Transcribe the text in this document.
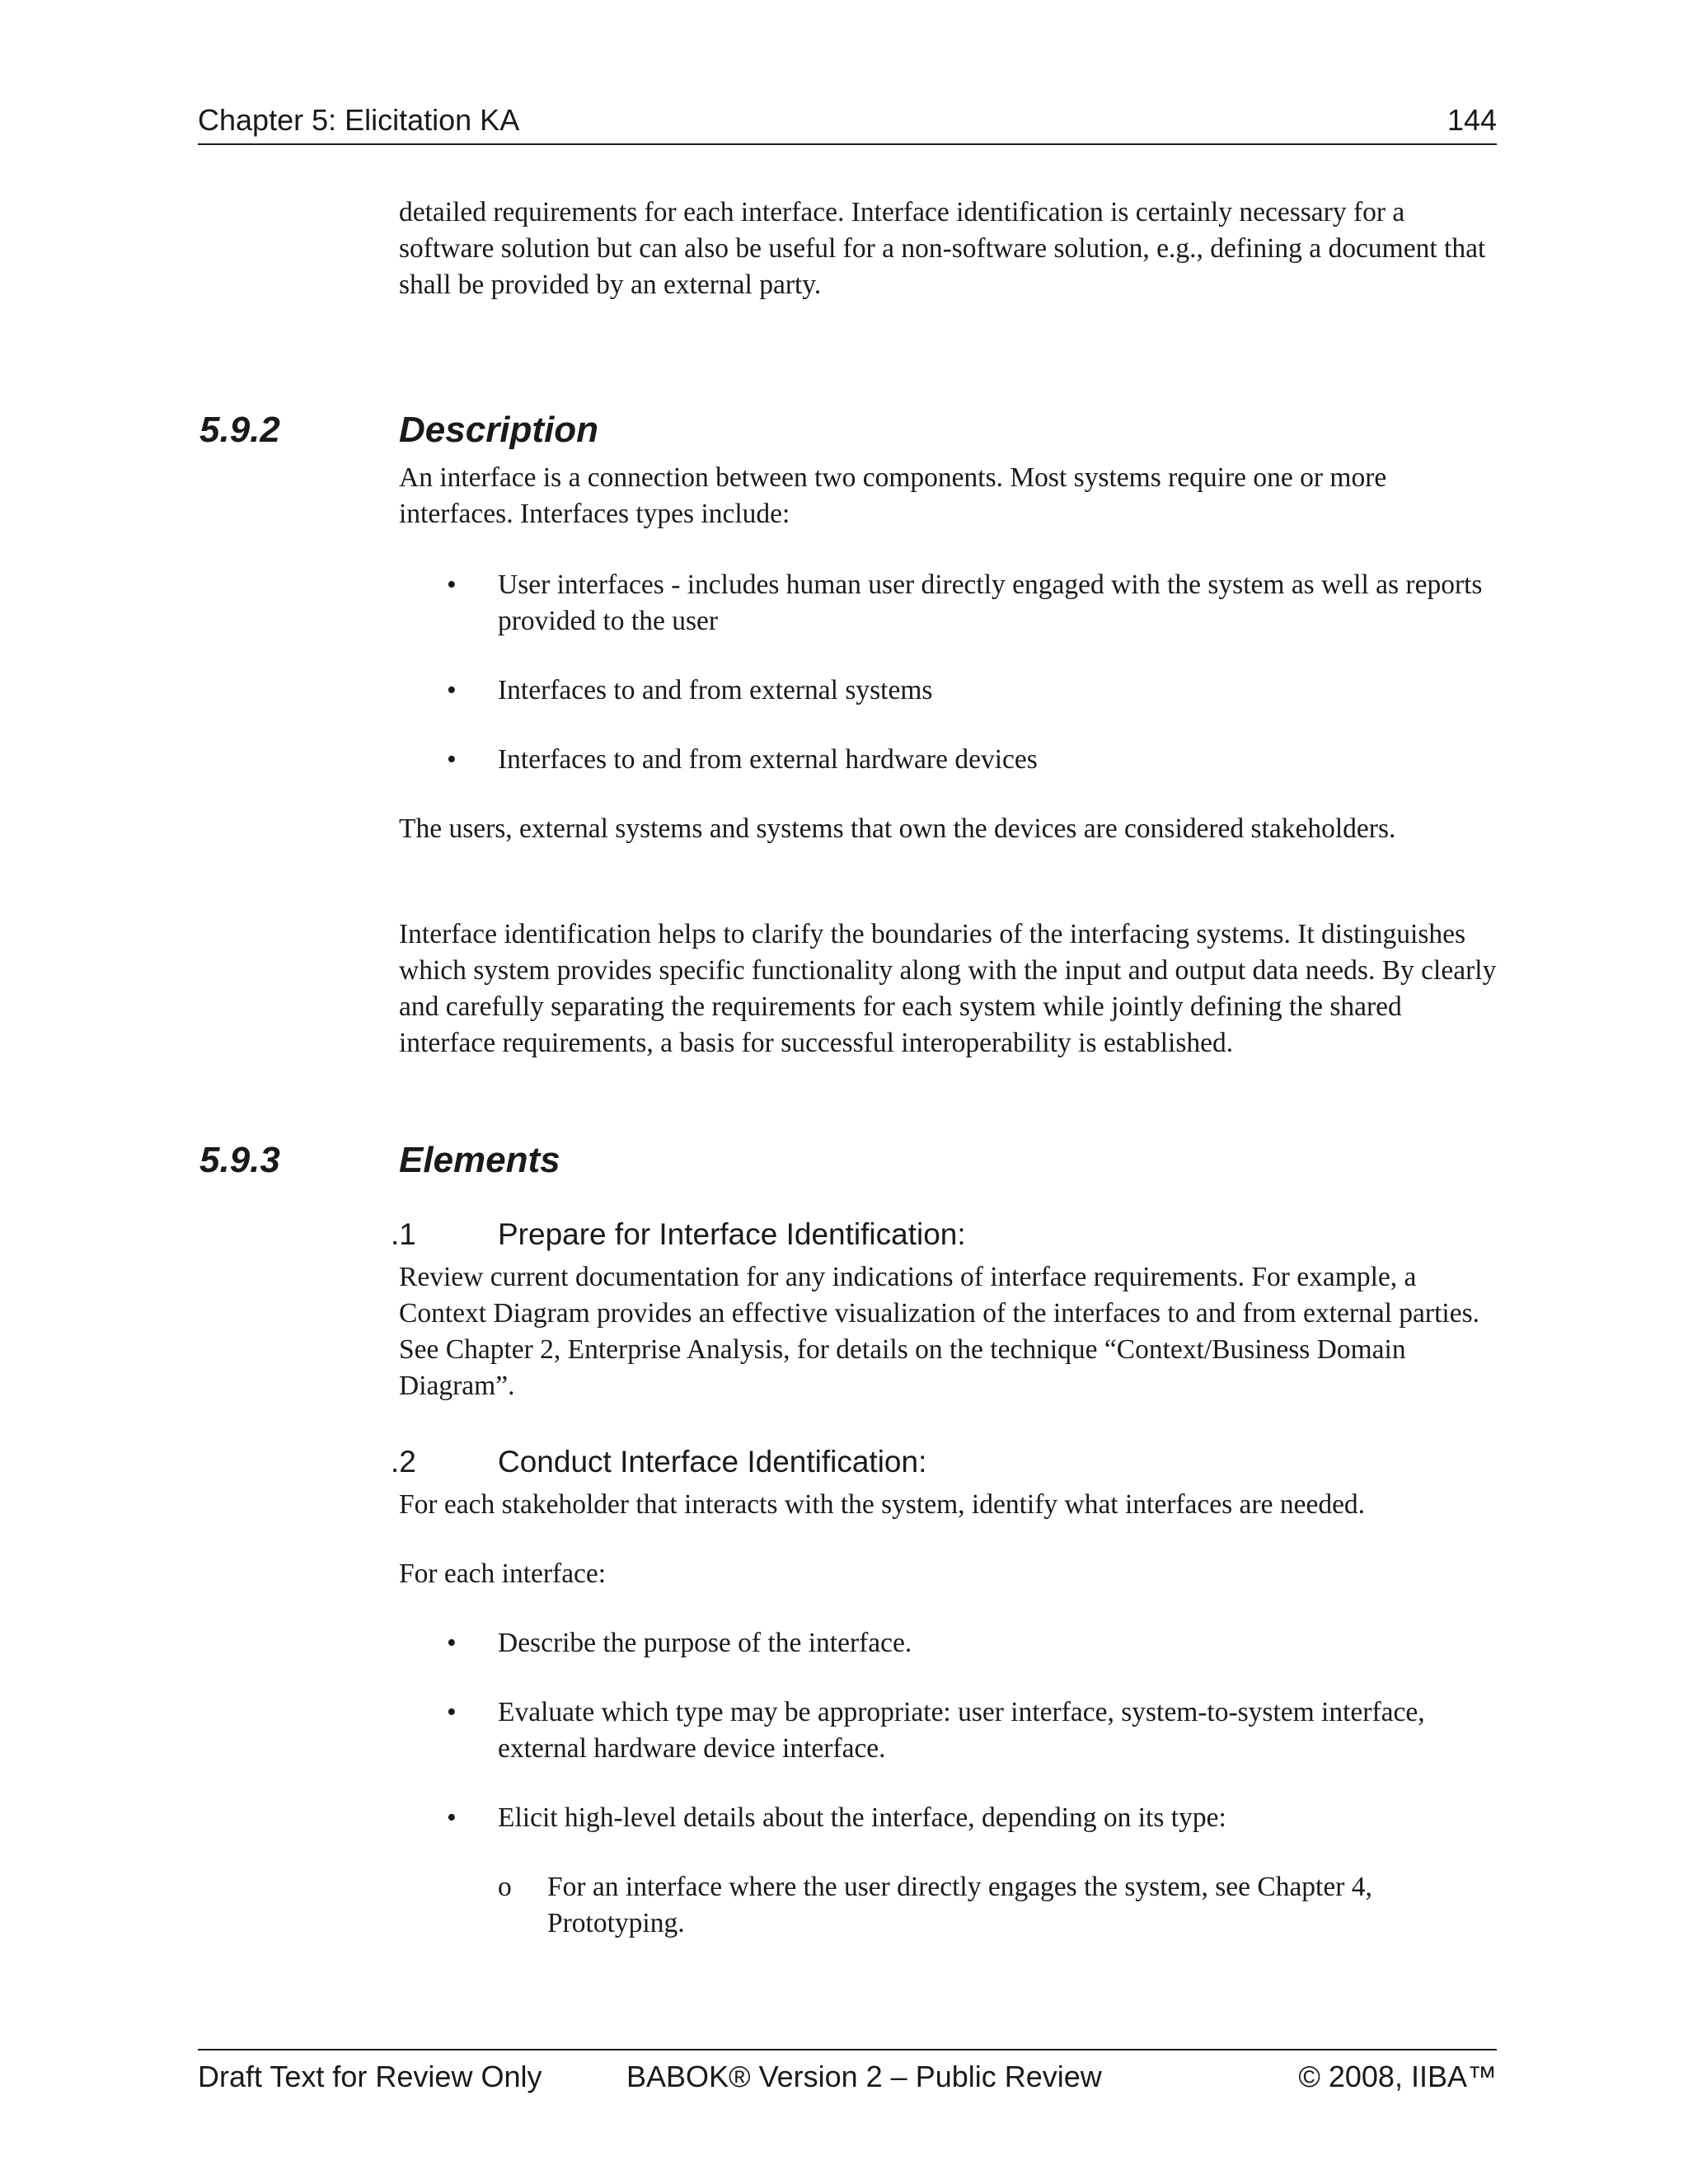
Chapter 5: Elicitation KA	144

detailed requirements for each interface. Interface identification is certainly necessary for a software solution but can also be useful for a non-software solution, e.g., defining a document that shall be provided by an external party.

5.9.2	Description

An interface is a connection between two components. Most systems require one or more interfaces. Interfaces types include:

• User interfaces - includes human user directly engaged with the system as well as reports provided to the user

• Interfaces to and from external systems

• Interfaces to and from external hardware devices

The users, external systems and systems that own the devices are considered stakeholders.

Interface identification helps to clarify the boundaries of the interfacing systems. It distinguishes which system provides specific functionality along with the input and output data needs. By clearly and carefully separating the requirements for each system while jointly defining the shared interface requirements, a basis for successful interoperability is established.

5.9.3	Elements
.1	Prepare for Interface Identification:

Review current documentation for any indications of interface requirements. For example, a Context Diagram provides an effective visualization of the interfaces to and from external parties. See Chapter 2, Enterprise Analysis, for details on the technique “Context/Business Domain Diagram”.

.2	Conduct Interface Identification:

For each stakeholder that interacts with the system, identify what interfaces are needed.

For each interface:

• Describe the purpose of the interface.

• Evaluate which type may be appropriate: user interface, system-to-system interface, external hardware device interface.

• Elicit high-level details about the interface, depending on its type:

o For an interface where the user directly engages the system, see Chapter 4, Prototyping.

Draft Text for Review Only	BABOK® Version 2 – Public Review	© 2008, IIBA™
